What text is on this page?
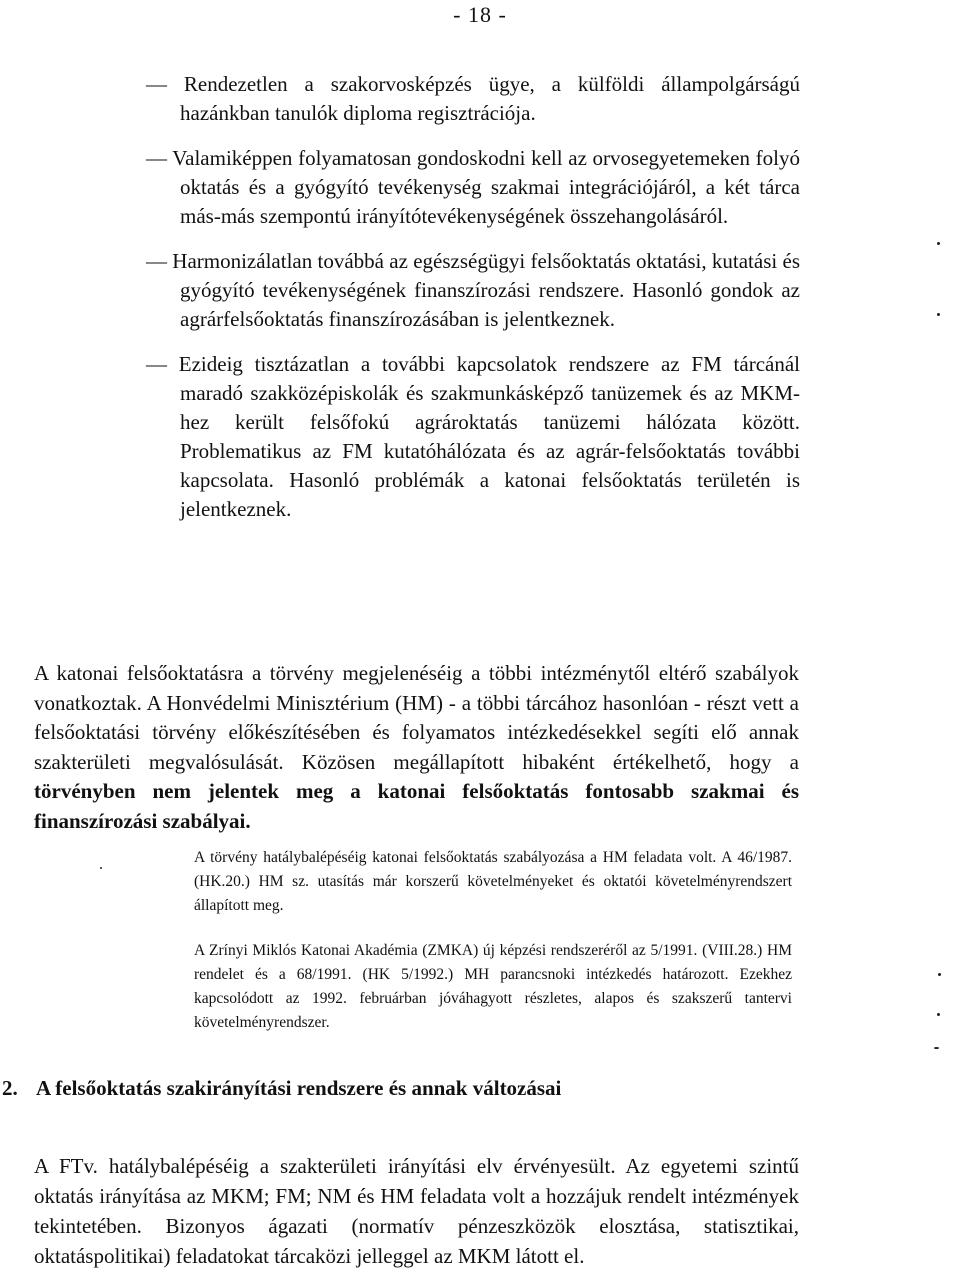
- 18 -

— Rendezetlen a szakorvosképzés ügye, a külföldi állampolgárságú hazánkban tanulók diploma regisztrációja.

— Valamiképpen folyamatosan gondoskodni kell az orvosegyetemeken folyó oktatás és a gyógyító tevékenység szakmai integrációjáról, a két tárca más-más szempontú irányítótevékenységének összehangolásáról.

— Harmonizálatlan továbbá az egészségügyi felsőoktatás oktatási, kutatási és gyógyító tevékenységének finanszírozási rendszere. Hasonló gondok az agrárfelsőoktatás finanszírozásában is jelentkeznek.

— Ezideig tisztázatlan a további kapcsolatok rendszere az FM tárcánál maradó szakközépiskolák és szakmunkásképző tanüzemek és az MKM-hez került felsőfokú agrároktatás tanüzemi hálózata között. Problematikus az FM kutatóhálózata és az agrár-felsőoktatás további kapcsolata. Hasonló problémák a katonai felsőoktatás területén is jelentkeznek.

A katonai felsőoktatásra a törvény megjelenéséig a többi intézménytől eltérő szabályok vonatkoztak. A Honvédelmi Minisztérium (HM) - a többi tárcához hasonlóan - részt vett a felsőoktatási törvény előkészítésében és folyamatos intézkedésekkel segíti elő annak szakterületi megvalósulását. Közösen megállapított hibaként értékelhető, hogy a törvényben nem jelentek meg a katonai felsőoktatás fontosabb szakmai és finanszírozási szabályai.

A törvény hatálybalépéséig katonai felsőoktatás szabályozása a HM feladata volt. A 46/1987. (HK.20.) HM sz. utasítás már korszerű követelményeket és oktatói követelményrendszert állapított meg.

A Zrínyi Miklós Katonai Akadémia (ZMKA) új képzési rendszeréről az 5/1991. (VIII.28.) HM rendelet és a 68/1991. (HK 5/1992.) MH parancsnoki intézkedés határozott. Ezekhez kapcsolódott az 1992. februárban jóváhagyott részletes, alapos és szakszerű tantervi követelményrendszer.

2. A felsőoktatás szakirányítási rendszere és annak változásai

A FTv. hatálybalépéséig a szakterületi irányítási elv érvényesült. Az egyetemi szintű oktatás irányítása az MKM; FM; NM és HM feladata volt a hozzájuk rendelt intézmények tekintetében. Bizonyos ágazati (normatív pénzeszközök elosztása, statisztikai, oktatáspolitikai) feladatokat tárcaközi jelleggel az MKM látott el.
